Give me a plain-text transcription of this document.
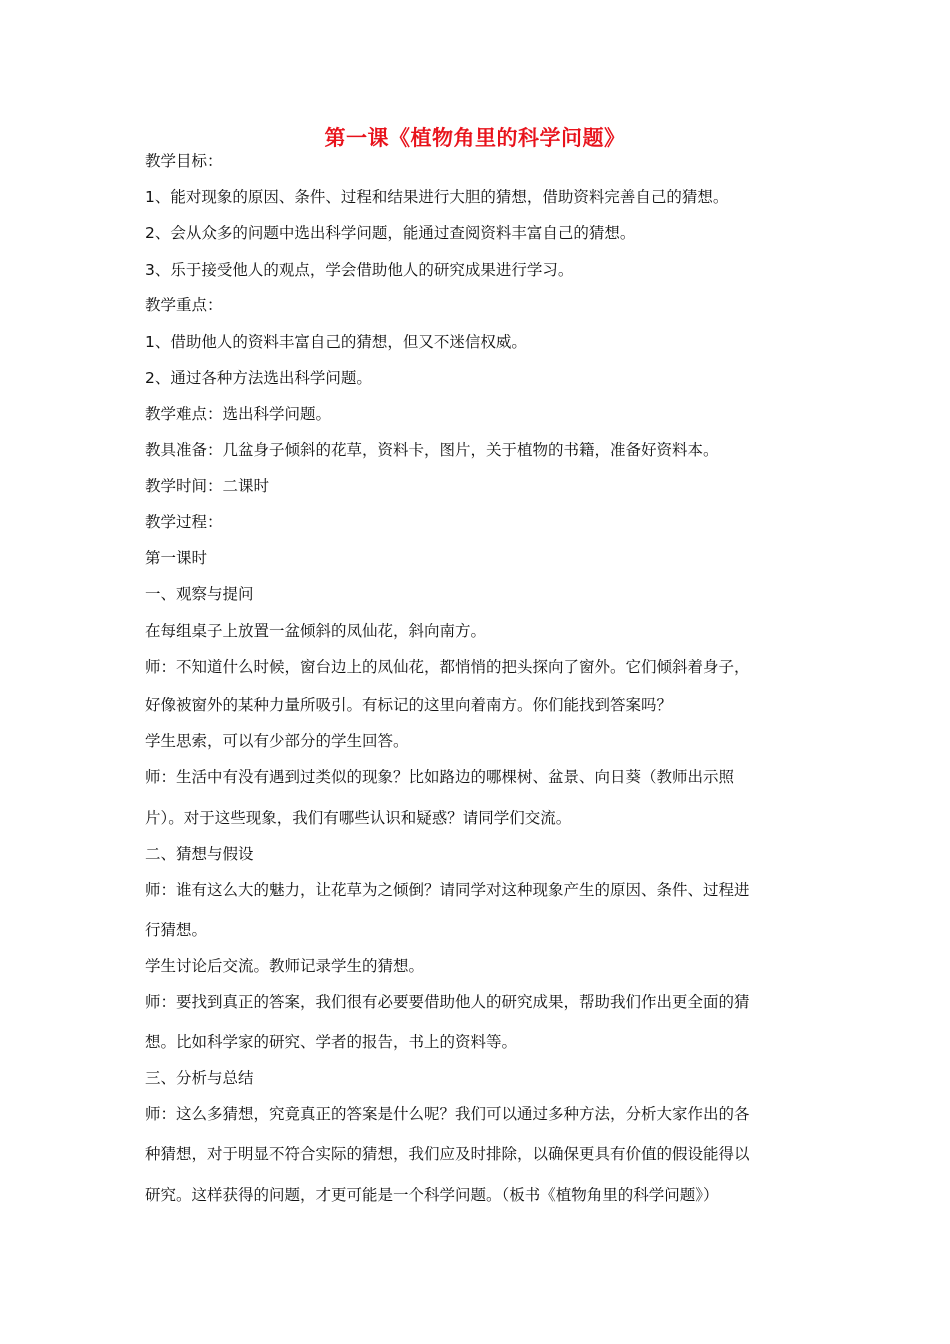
第一课《植物角里的科学问题》

教学目标：

1、能对现象的原因、条件、过程和结果进行大胆的猜想，借助资料完善自己的猜想。

2、会从众多的问题中选出科学问题，能通过查阅资料丰富自己的猜想。

3、乐于接受他人的观点，学会借助他人的研究成果进行学习。

教学重点：

1、借助他人的资料丰富自己的猜想，但又不迷信权威。

2、通过各种方法选出科学问题。

教学难点：选出科学问题。

教具准备：几盆身子倾斜的花草，资料卡，图片，关于植物的书籍，准备好资料本。

教学时间：二课时

教学过程：

第一课时

一、观察与提问

在每组桌子上放置一盆倾斜的凤仙花，斜向南方。

师：不知道什么时候，窗台边上的凤仙花，都悄悄的把头探向了窗外。它们倾斜着身子，

好像被窗外的某种力量所吸引。有标记的这里向着南方。你们能找到答案吗？

学生思索，可以有少部分的学生回答。

师：生活中有没有遇到过类似的现象？比如路边的哪棵树、盆景、向日葵（教师出示照

片）。对于这些现象，我们有哪些认识和疑惑？请同学们交流。

二、猜想与假设

师：谁有这么大的魅力，让花草为之倾倒？请同学对这种现象产生的原因、条件、过程进

行猜想。

学生讨论后交流。教师记录学生的猜想。

师：要找到真正的答案，我们很有必要要借助他人的研究成果，帮助我们作出更全面的猜

想。比如科学家的研究、学者的报告，书上的资料等。

三、分析与总结

师：这么多猜想，究竟真正的答案是什么呢？我们可以通过多种方法，分析大家作出的各

种猜想，对于明显不符合实际的猜想，我们应及时排除，以确保更具有价值的假设能得以

研究。这样获得的问题，才更可能是一个科学问题。（板书《植物角里的科学问题》）
